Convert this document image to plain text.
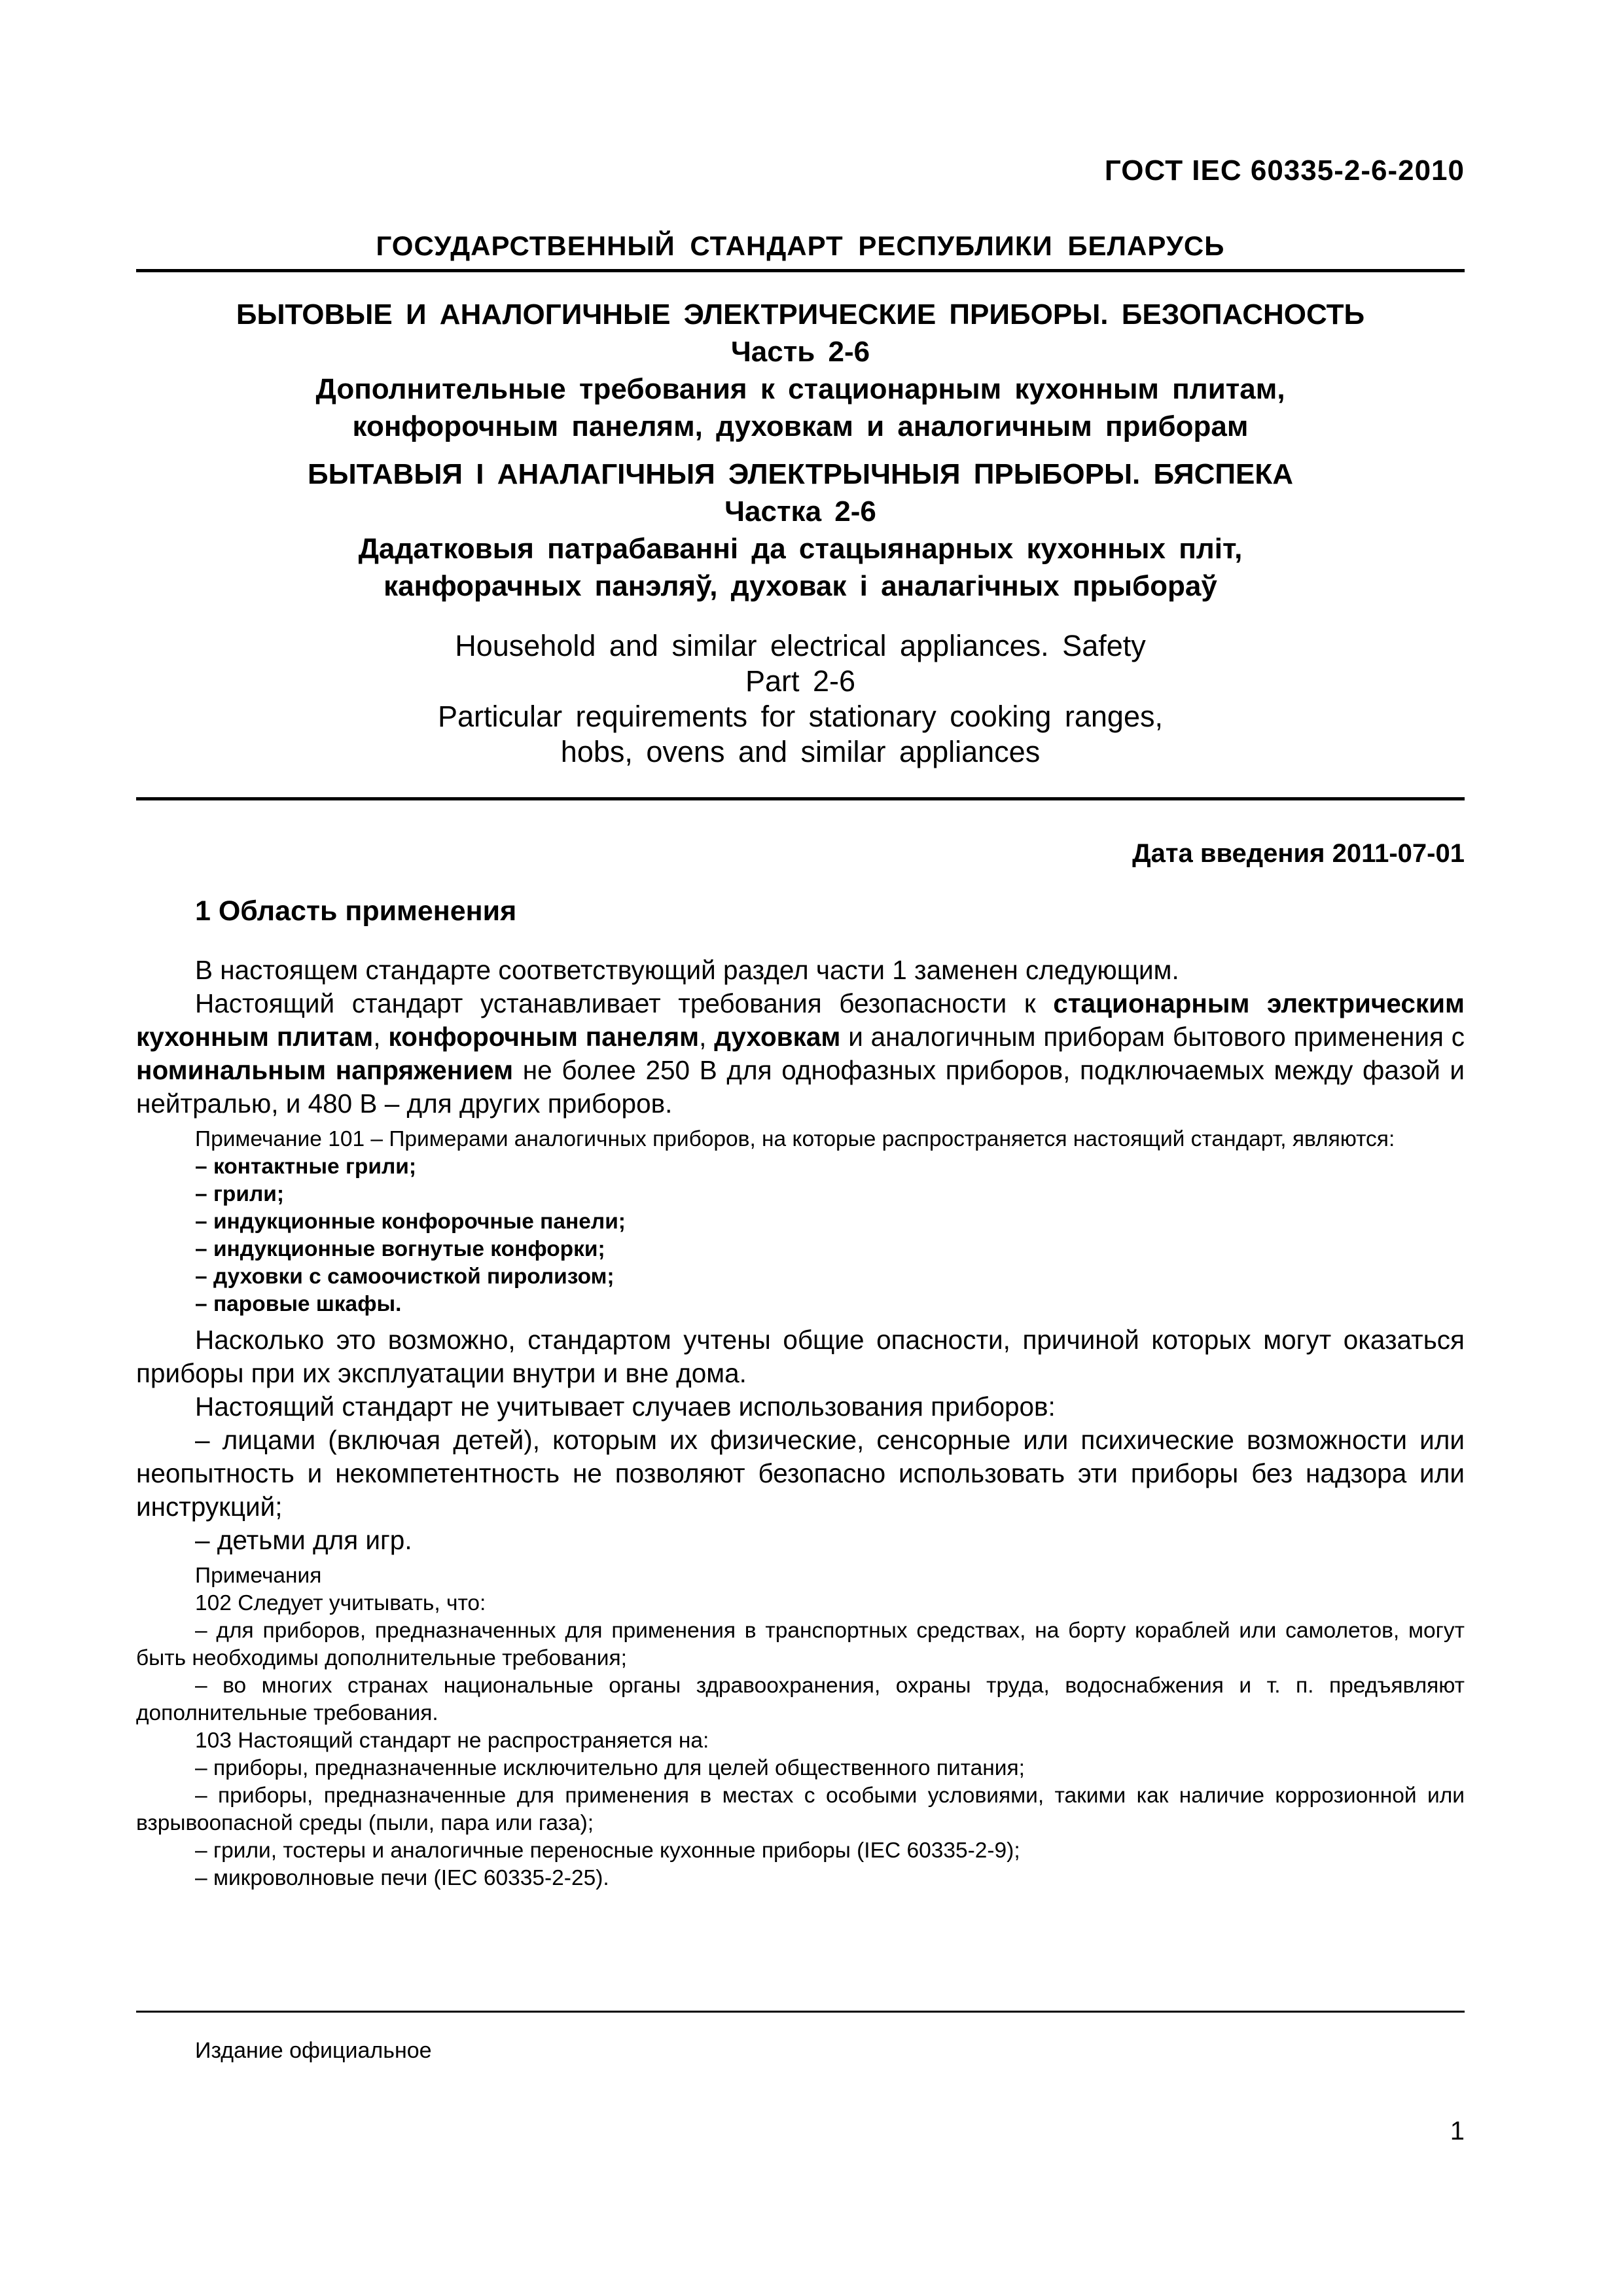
ГОСТ IEC 60335-2-6-2010
ГОСУДАРСТВЕННЫЙ СТАНДАРТ РЕСПУБЛИКИ БЕЛАРУСЬ
БЫТОВЫЕ И АНАЛОГИЧНЫЕ ЭЛЕКТРИЧЕСКИЕ ПРИБОРЫ. БЕЗОПАСНОСТЬ
Часть 2-6
Дополнительные требования к стационарным кухонным плитам,
конфорочным панелям, духовкам и аналогичным приборам
БЫТАВЫЯ І АНАЛАГІЧНЫЯ ЭЛЕКТРЫЧНЫЯ ПРЫБОРЫ. БЯСПЕКА
Частка 2-6
Дадатковыя патрабаванні да стацыянарных кухонных пліт,
канфорачных панэляў, духовак і аналагічных прыбораў
Household and similar electrical appliances. Safety
Part 2-6
Particular requirements for stationary cooking ranges,
hobs, ovens and similar appliances
Дата введения 2011-07-01
1 Область применения

В настоящем стандарте соответствующий раздел части 1 заменен следующим.

Настоящий стандарт устанавливает требования безопасности к стационарным электрическим кухонным плитам, конфорочным панелям, духовкам и аналогичным приборам бытового применения с номинальным напряжением не более 250 В для однофазных приборов, подключаемых между фазой и нейтралью, и 480 В – для других приборов.

Примечание 101 – Примерами аналогичных приборов, на которые распространяется настоящий стандарт, являются:

– контактные грили;

– грили;

– индукционные конфорочные панели;

– индукционные вогнутые конфорки;

– духовки с самоочисткой пиролизом;

– паровые шкафы.

Насколько это возможно, стандартом учтены общие опасности, причиной которых могут оказаться приборы при их эксплуатации внутри и вне дома.

Настоящий стандарт не учитывает случаев использования приборов:

– лицами (включая детей), которым их физические, сенсорные или психические возможности или неопытность и некомпетентность не позволяют безопасно использовать эти приборы без надзора или инструкций;

– детьми для игр.

Примечания

102 Следует учитывать, что:

– для приборов, предназначенных для применения в транспортных средствах, на борту кораблей или самолетов, могут быть необходимы дополнительные требования;

– во многих странах национальные органы здравоохранения, охраны труда, водоснабжения и т. п. предъявляют дополнительные требования.

103 Настоящий стандарт не распространяется на:

– приборы, предназначенные исключительно для целей общественного питания;

– приборы, предназначенные для применения в местах с особыми условиями, такими как наличие коррозионной или взрывоопасной среды (пыли, пара или газа);

– грили, тостеры и аналогичные переносные кухонные приборы (IEC 60335-2-9);

– микроволновые печи (IEC 60335-2-25).

Издание официальное
1
